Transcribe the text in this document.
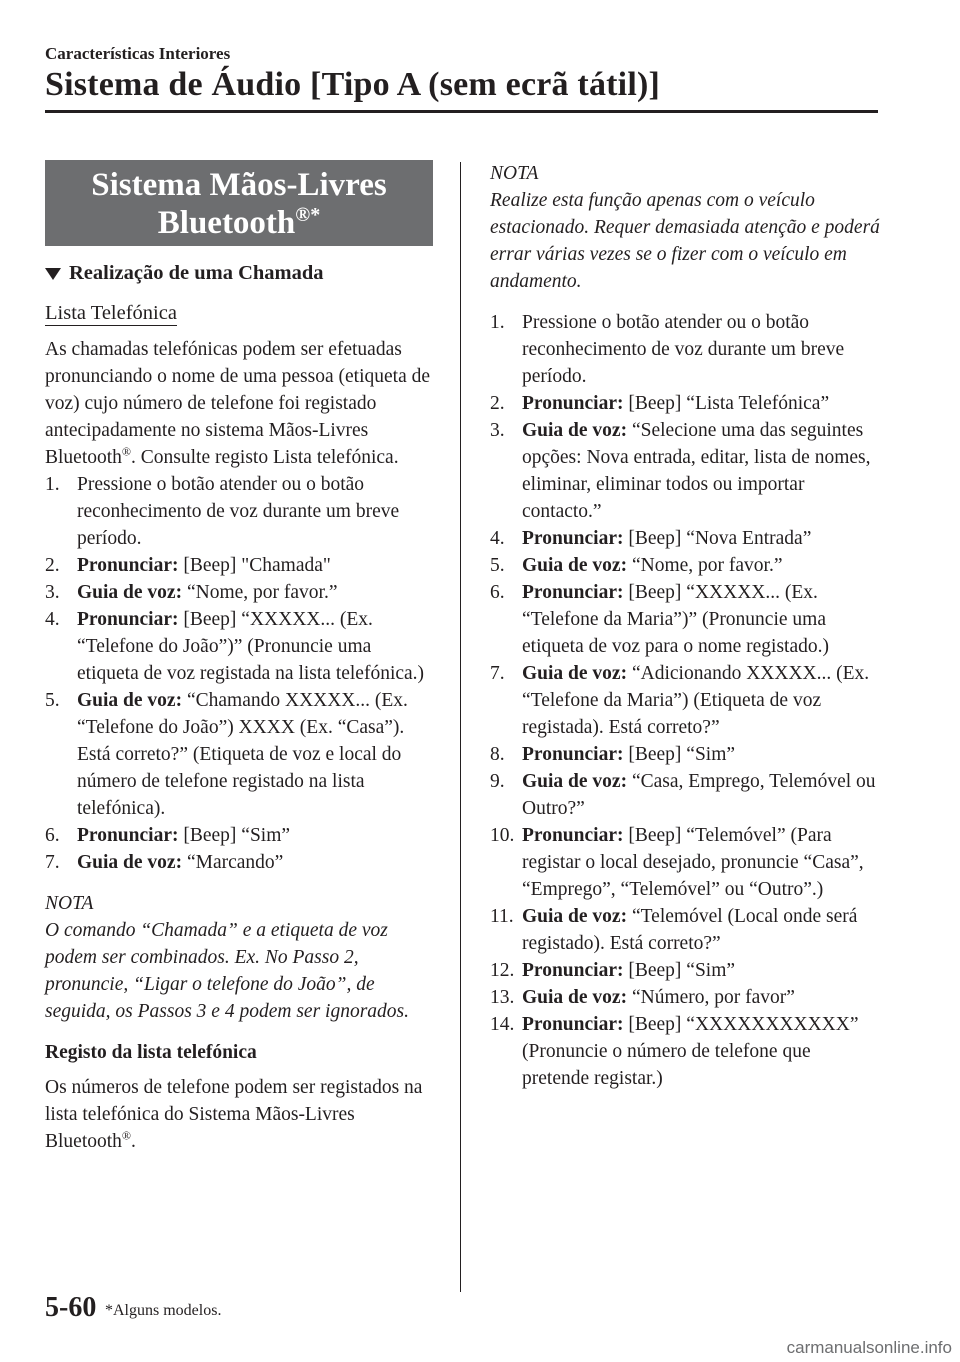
Características Interiores
Sistema de Áudio [Tipo A (sem ecrã tátil)]
Sistema Mãos-Livres
Bluetooth®*
Realização de uma Chamada
Lista Telefónica

As chamadas telefónicas podem ser efetuadas pronunciando o nome de uma pessoa (etiqueta de voz) cujo número de telefone foi registado antecipadamente no sistema Mãos-Livres Bluetooth®. Consulte registo Lista telefónica.

1. Pressione o botão atender ou o botão reconhecimento de voz durante um breve período.
2. Pronunciar: [Beep] "Chamada"
3. Guia de voz: “Nome, por favor.”
4. Pronunciar: [Beep] “XXXXX... (Ex. “Telefone do João”)” (Pronuncie uma etiqueta de voz registada na lista telefónica.)
5. Guia de voz: “Chamando XXXXX... (Ex. “Telefone do João”) XXXX (Ex. “Casa”). Está correto?” (Etiqueta de voz e local do número de telefone registado na lista telefónica).
6. Pronunciar: [Beep] “Sim”
7. Guia de voz: “Marcando”
NOTA

O comando “Chamada” e a etiqueta de voz podem ser combinados. Ex. No Passo 2, pronuncie, “Ligar o telefone do João”, de seguida, os Passos 3 e 4 podem ser ignorados.

Registo da lista telefónica

Os números de telefone podem ser registados na lista telefónica do Sistema Mãos-Livres Bluetooth®.

NOTA

Realize esta função apenas com o veículo estacionado. Requer demasiada atenção e poderá errar várias vezes se o fizer com o veículo em andamento.

1. Pressione o botão atender ou o botão reconhecimento de voz durante um breve período.
2. Pronunciar: [Beep] “Lista Telefónica”
3. Guia de voz: “Selecione uma das seguintes opções: Nova entrada, editar, lista de nomes, eliminar, eliminar todos ou importar contacto.”
4. Pronunciar: [Beep] “Nova Entrada”
5. Guia de voz: “Nome, por favor.”
6. Pronunciar: [Beep] “XXXXX... (Ex. “Telefone da Maria”)” (Pronuncie uma etiqueta de voz para o nome registado.)
7. Guia de voz: “Adicionando XXXXX... (Ex. “Telefone da Maria”) (Etiqueta de voz registada). Está correto?”
8. Pronunciar: [Beep] “Sim”
9. Guia de voz: “Casa, Emprego, Telemóvel ou Outro?”
10. Pronunciar: [Beep] “Telemóvel” (Para registar o local desejado, pronuncie “Casa”, “Emprego”, “Telemóvel” ou “Outro”.)
11. Guia de voz: “Telemóvel (Local onde será registado). Está correto?”
12. Pronunciar: [Beep] “Sim”
13. Guia de voz: “Número, por favor”
14. Pronunciar: [Beep] “XXXXXXXXXXX” (Pronuncie o número de telefone que pretende registar.)
5-60 *Alguns modelos.
carmanualsonline.info
